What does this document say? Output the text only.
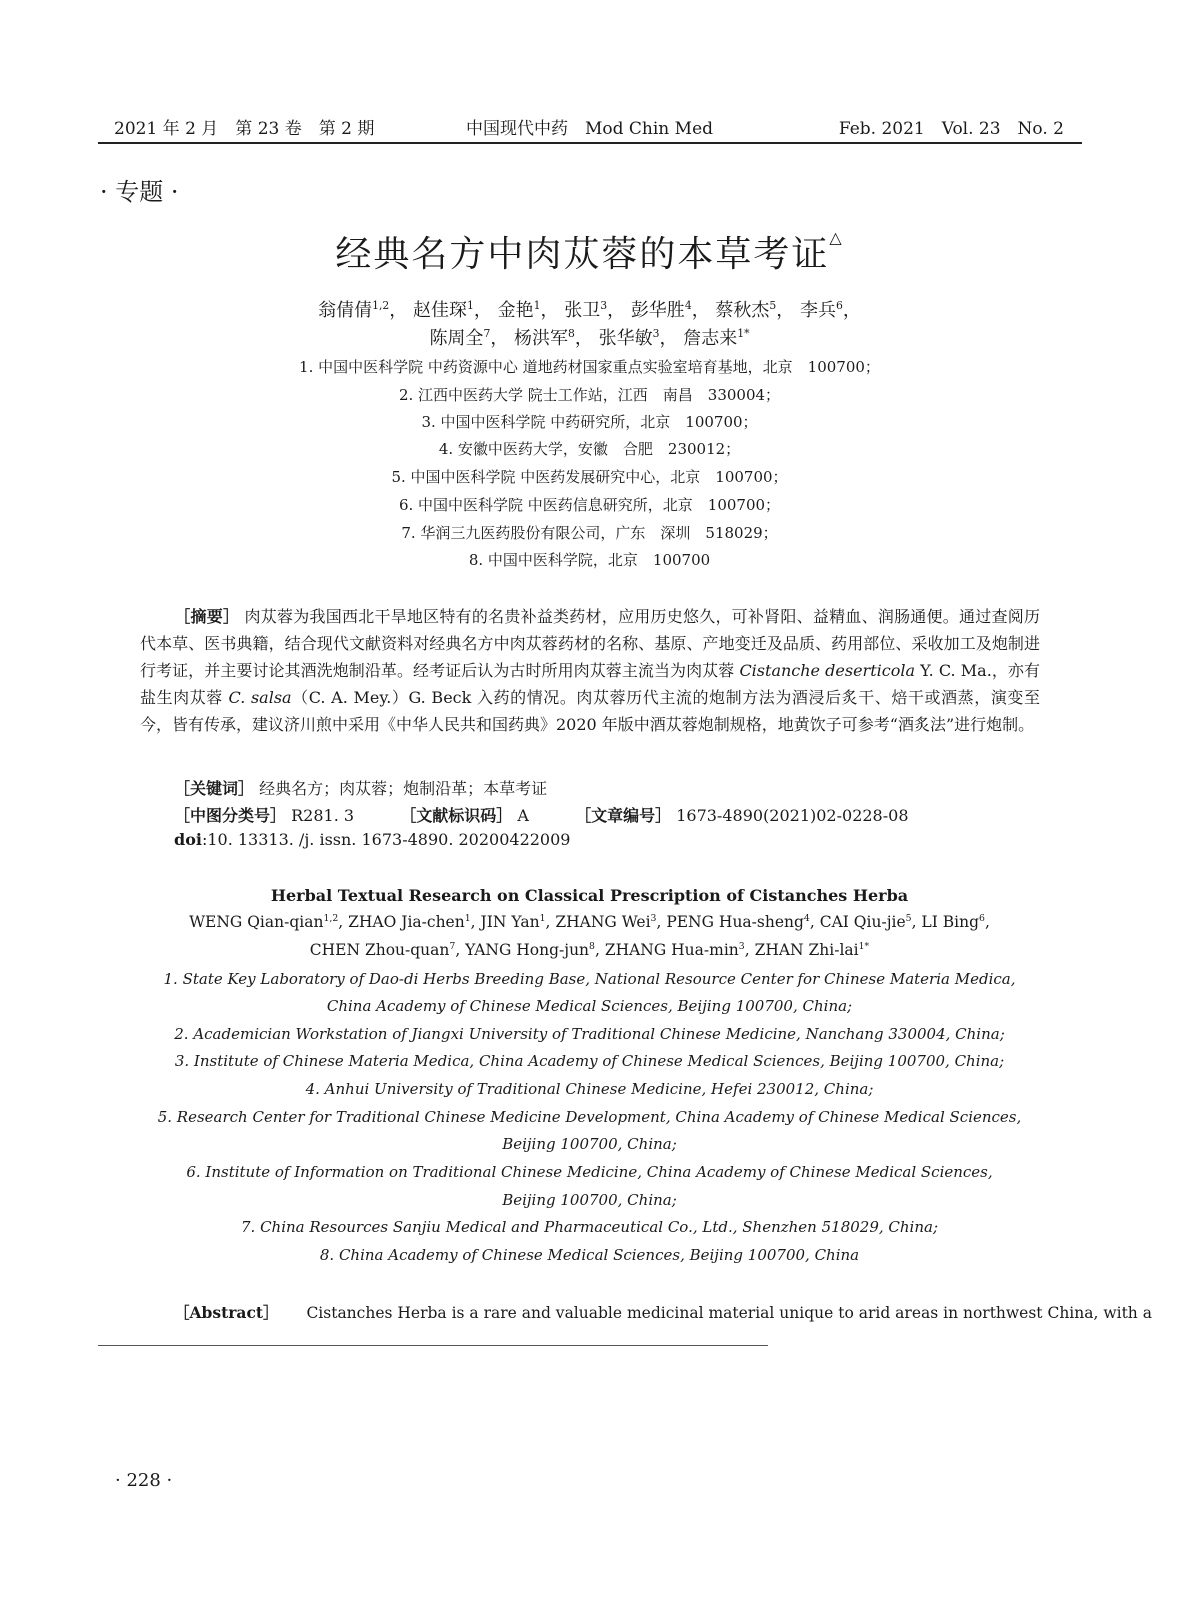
2021 年 2 月　第 23 卷　第 2 期	中国现代中药　Mod Chin Med	Feb. 2021　Vol. 23　No. 2
· 专题 ·
经典名方中肉苁蓉的本草考证△
翁倩倩$^{1,2}$， 赵佳琛$^1$， 金艳$^1$， 张卫$^3$， 彭华胜$^4$， 蔡秋杰$^5$， 李兵$^6$，
陈周全$^7$， 杨洪军$^8$， 张华敏$^3$， 詹志来$^{1*}$
1. 中国中医科学院 中药资源中心 道地药材国家重点实验室培育基地，北京　100700；
2. 江西中医药大学 院士工作站，江西　南昌　330004；
3. 中国中医科学院 中药研究所，北京　100700；
4. 安徽中医药大学，安徽　合肥　230012；
5. 中国中医科学院 中医药发展研究中心，北京　100700；
6. 中国中医科学院 中医药信息研究所，北京　100700；
7. 华润三九医药股份有限公司，广东　深圳　518029；
8. 中国中医科学院，北京　100700
［摘要］ 肉苁蓉为我国西北干旱地区特有的名贵补益类药材，应用历史悠久，可补肾阳、益精血、润肠通便。通过查阅历代本草、医书典籍，结合现代文献资料对经典名方中肉苁蓉药材的名称、基原、产地变迁及品质、药用部位、采收加工及炮制进行考证，并主要讨论其酒洗炮制沿革。经考证后认为古时所用肉苁蓉主流当为肉苁蓉 Cistanche deserticola Y. C. Ma.，亦有盐生肉苁蓉 C. salsa（C. A. Mey.）G. Beck 入药的情况。肉苁蓉历代主流的炮制方法为酒浸后炙干、焙干或酒蒸，演变至今，皆有传承，建议济川煎中采用《中华人民共和国药典》2020 年版中酒苁蓉炮制规格，地黄饮子可参考“酒炙法”进行炮制。
［关键词］ 经典名方；肉苁蓉；炮制沿革；本草考证
［中图分类号］ R281. 3	［文献标识码］ A	［文章编号］ 1673-4890(2021)02-0228-08
doi:10. 13313. /j. issn. 1673-4890. 20200422009
Herbal Textual Research on Classical Prescription of Cistanches Herba
WENG Qian-qian$^{1,2}$, ZHAO Jia-chen$^1$, JIN Yan$^1$, ZHANG Wei$^3$, PENG Hua-sheng$^4$, CAI Qiu-jie$^5$, LI Bing$^6$,
CHEN Zhou-quan$^7$, YANG Hong-jun$^8$, ZHANG Hua-$\min^3$, ZHAN Zhi-lai$^{1*}$
1. State Key Laboratory of Dao-di Herbs Breeding Base, National Resource Center for Chinese Materia Medica,
China Academy of Chinese Medical Sciences, Beijing 100700, China;
2. Academician Workstation of Jiangxi University of Traditional Chinese Medicine, Nanchang 330004, China;
3. Institute of Chinese Materia Medica, China Academy of Chinese Medical Sciences, Beijing 100700, China;
4. Anhui University of Traditional Chinese Medicine, Hefei 230012, China;
5. Research Center for Traditional Chinese Medicine Development, China Academy of Chinese Medical Sciences,
Beijing 100700, China;
6. Institute of Information on Traditional Chinese Medicine, China Academy of Chinese Medical Sciences,
Beijing 100700, China;
7. China Resources Sanjiu Medical and Pharmaceutical Co., Ltd., Shenzhen 518029, China;
8. China Academy of Chinese Medical Sciences, Beijing 100700, China
［Abstract］ Cistanches Herba is a rare and valuable medicinal material unique to arid areas in northwest China, with a
· 228 ·
